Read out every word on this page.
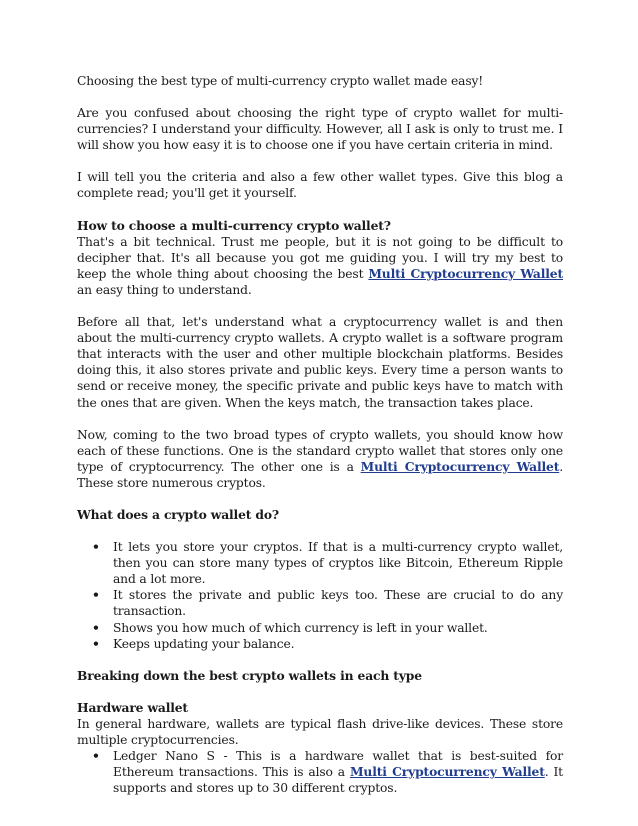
Choosing the best type of multi-currency crypto wallet made easy!

Are you confused about choosing the right type of crypto wallet for multi-currencies? I understand your difficulty. However, all I ask is only to trust me. I will show you how easy it is to choose one if you have certain criteria in mind.

I will tell you the criteria and also a few other wallet types. Give this blog a complete read; you'll get it yourself.

How to choose a multi-currency crypto wallet?

That's a bit technical. Trust me people, but it is not going to be difficult to decipher that. It's all because you got me guiding you. I will try my best to keep the whole thing about choosing the best Multi Cryptocurrency Wallet an easy thing to understand.

Before all that, let's understand what a cryptocurrency wallet is and then about the multi-currency crypto wallets. A crypto wallet is a software program that interacts with the user and other multiple blockchain platforms. Besides doing this, it also stores private and public keys. Every time a person wants to send or receive money, the specific private and public keys have to match with the ones that are given. When the keys match, the transaction takes place.

Now, coming to the two broad types of crypto wallets, you should know how each of these functions. One is the standard crypto wallet that stores only one type of cryptocurrency. The other one is a Multi Cryptocurrency Wallet. These store numerous cryptos.

What does a crypto wallet do?

• It lets you store your cryptos. If that is a multi-currency crypto wallet, then you can store many types of cryptos like Bitcoin, Ethereum Ripple and a lot more.
• It stores the private and public keys too. These are crucial to do any transaction.
• Shows you how much of which currency is left in your wallet.
• Keeps updating your balance.

Breaking down the best crypto wallets in each type

Hardware wallet

In general hardware, wallets are typical flash drive-like devices. These store multiple cryptocurrencies.

• Ledger Nano S - This is a hardware wallet that is best-suited for Ethereum transactions. This is also a Multi Cryptocurrency Wallet. It supports and stores up to 30 different cryptos.
